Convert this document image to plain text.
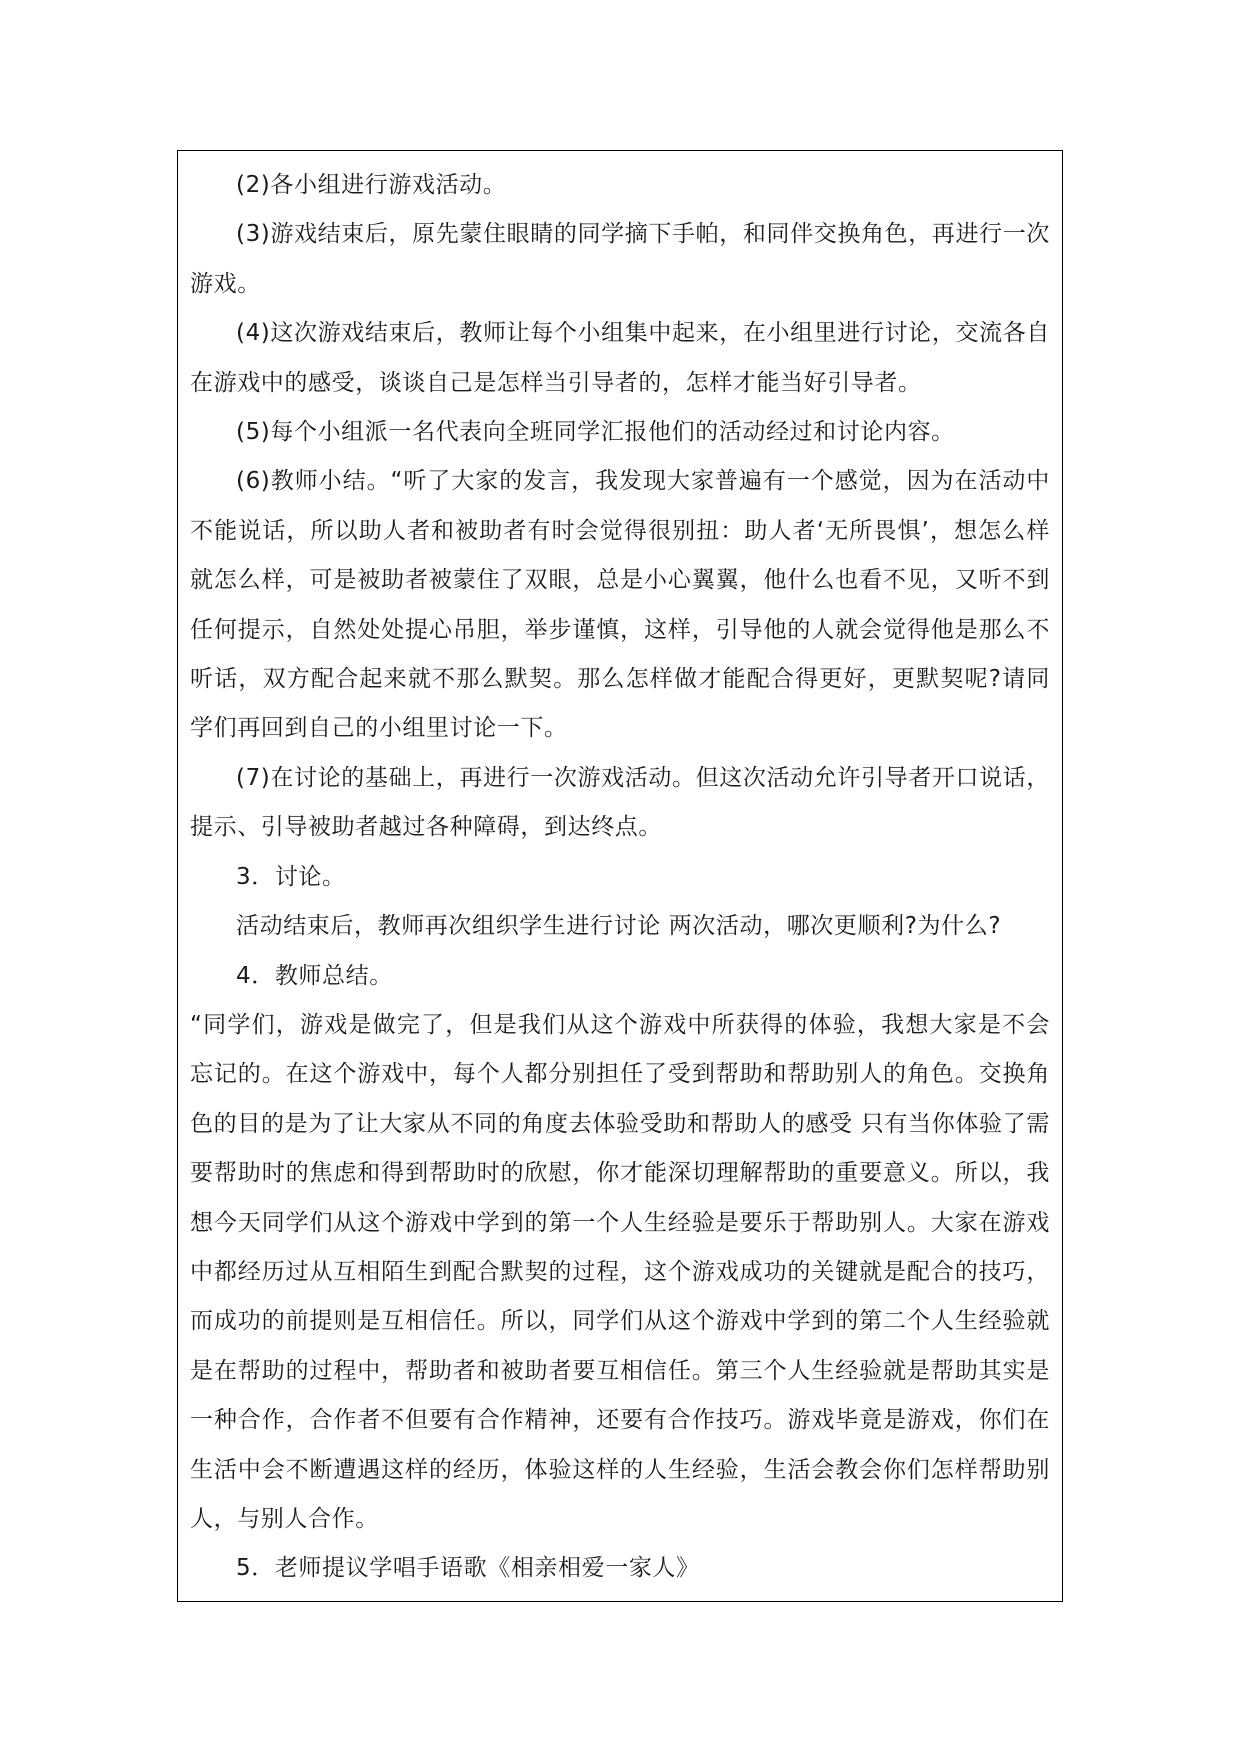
(2)各小组进行游戏活动。

(3)游戏结束后，原先蒙住眼睛的同学摘下手帕，和同伴交换角色，再进行一次游戏。

(4)这次游戏结束后，教师让每个小组集中起来，在小组里进行讨论，交流各自在游戏中的感受，谈谈自己是怎样当引导者的，怎样才能当好引导者。

(5)每个小组派一名代表向全班同学汇报他们的活动经过和讨论内容。

(6)教师小结。“听了大家的发言，我发现大家普遍有一个感觉，因为在活动中不能说话，所以助人者和被助者有时会觉得很别扭：助人者‘无所畏惧’，想怎么样就怎么样，可是被助者被蒙住了双眼，总是小心翼翼，他什么也看不见，又听不到任何提示，自然处处提心吊胆，举步谨慎，这样，引导他的人就会觉得他是那么不听话，双方配合起来就不那么默契。那么怎样做才能配合得更好，更默契呢?请同学们再回到自己的小组里讨论一下。

(7)在讨论的基础上，再进行一次游戏活动。但这次活动允许引导者开口说话，提示、引导被助者越过各种障碍，到达终点。

3．讨论。

活动结束后，教师再次组织学生进行讨论 两次活动，哪次更顺利?为什么?

4．教师总结。

“同学们，游戏是做完了，但是我们从这个游戏中所获得的体验，我想大家是不会忘记的。在这个游戏中，每个人都分别担任了受到帮助和帮助别人的角色。交换角色的目的是为了让大家从不同的角度去体验受助和帮助人的感受 只有当你体验了需要帮助时的焦虑和得到帮助时的欣慰，你才能深切理解帮助的重要意义。所以，我想今天同学们从这个游戏中学到的第一个人生经验是要乐于帮助别人。大家在游戏中都经历过从互相陌生到配合默契的过程，这个游戏成功的关键就是配合的技巧，而成功的前提则是互相信任。所以，同学们从这个游戏中学到的第二个人生经验就是在帮助的过程中，帮助者和被助者要互相信任。第三个人生经验就是帮助其实是一种合作，合作者不但要有合作精神，还要有合作技巧。游戏毕竟是游戏，你们在生活中会不断遭遇这样的经历，体验这样的人生经验，生活会教会你们怎样帮助别人，与别人合作。

5．老师提议学唱手语歌《相亲相爱一家人》
